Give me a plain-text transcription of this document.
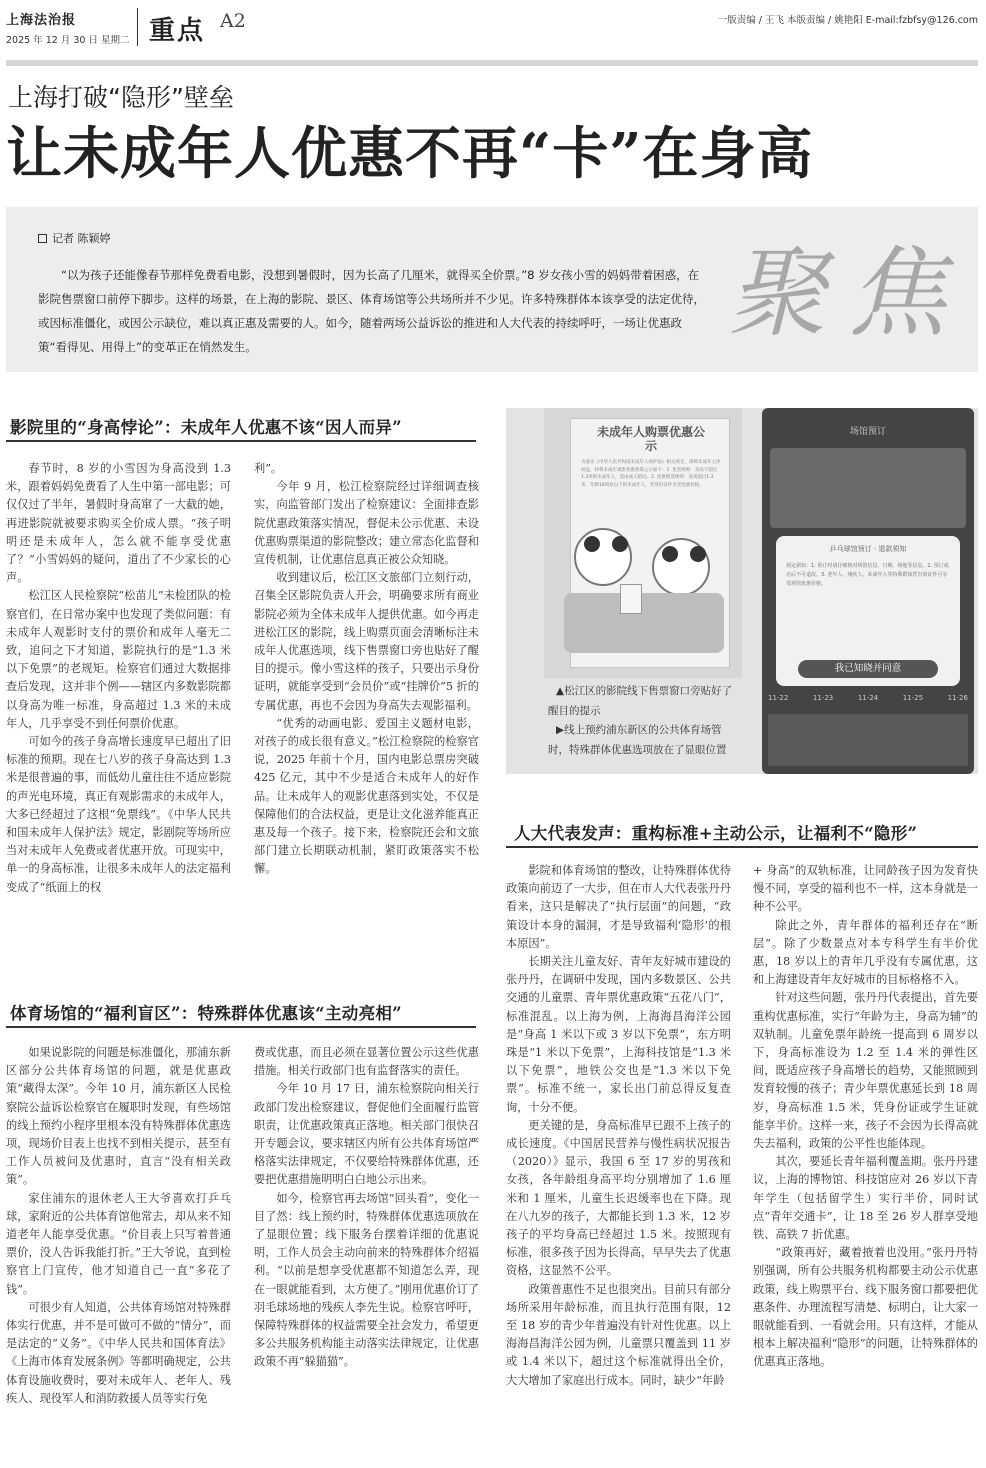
上海法治报
2025 年 12 月 30 日 星期二 重点 A2	一版责编 / 王飞 本版责编 / 姚艳阳 E-mail:fzbfsy@126.com
上海打破“隐形”壁垒
让未成年人优惠不再“卡”在身高
记者 陈颖婷

“以为孩子还能像春节那样免费看电影，没想到暑假时，因为长高了几厘米，就得买全价票。”8 岁女孩小雪的妈妈带着困惑，在影院售票窗口前停下脚步。这样的场景，在上海的影院、景区、体育场馆等公共场所并不少见。许多特殊群体本该享受的法定优待，或因标准僵化，或因公示缺位，难以真正惠及需要的人。如今，随着两场公益诉讼的推进和人大代表的持续呼吁，一场让优惠政策“看得见、用得上”的变革正在悄然发生。	聚焦
影院里的“身高悖论”：未成年人优惠不该“因人而异”

春节时，8 岁的小雪因为身高没到 1.3 米，跟着妈妈免费看了人生中第一部电影；可仅仅过了半年，暑假时身高窜了一大截的她，再进影院就被要求购买全价成人票。“孩子明明还是未成年人，怎么就不能享受优惠了？”小雪妈妈的疑问，道出了不少家长的心声。

松江区人民检察院“松苗儿”未检团队的检察官们，在日常办案中也发现了类似问题：有未成年人观影时支付的票价和成年人毫无二致，追问之下才知道，影院执行的是“1.3 米以下免票”的老规矩。检察官们通过大数据排查后发现，这并非个例——辖区内多数影院都以身高为唯一标准，身高超过 1.3 米的未成年人，几乎享受不到任何票价优惠。

可如今的孩子身高增长速度早已超出了旧标准的预期。现在七八岁的孩子身高达到 1.3 米是很普遍的事，而低幼儿童往往不适应影院的声光电环境，真正有观影需求的未成年人，大多已经超过了这根“免票线”。《中华人民共和国未成年人保护法》规定，影剧院等场所应当对未成年人免费或者优惠开放。可现实中，单一的身高标准，让很多未成年人的法定福利变成了“纸面上的权

利”。

今年 9 月，松江检察院经过详细调查核实，向监管部门发出了检察建议：全面排查影院优惠政策落实情况，督促未公示优惠、未设优惠购票渠道的影院整改；建立常态化监督和宣传机制，让优惠信息真正被公众知晓。

收到建议后，松江区文旅部门立刻行动，召集全区影院负责人开会，明确要求所有商业影院必须为全体未成年人提供优惠。如今再走进松江区的影院，线上购票页面会清晰标注未成年人优惠选项，线下售票窗口旁也贴好了醒目的提示。像小雪这样的孩子，只要出示身份证明，就能享受到“会员价”或“挂牌价”5 折的专属优惠，再也不会因为身高失去观影福利。

“优秀的动画电影、爱国主义题材电影，对孩子的成长很有意义。”松江检察院的检察官说，2025 年前十个月，国内电影总票房突破 425 亿元，其中不少是适合未成年人的好作品。让未成年人的观影优惠落到实处，不仅是保障他们的合法权益，更是让文化滋养能真正惠及每一个孩子。接下来，检察院还会和文旅部门建立长期联动机制，紧盯政策落实不松懈。

未成年人购票优惠公示
为落实《中华人民共和国未成年人保护法》相关规定，保障未成年主体权益，特将未成年观影优惠政策公示如下：1. 免票规则：身高不超过1.3米的未成年人，需由成人陪同。2. 优惠购票规则：身高超过1.3米，年龄18周岁以下的未成年人，凭身份证件享受优惠价格。

▲松江区的影院线下售票窗口旁贴好了醒目的提示

▶线上预约浦东新区的公共体育场管时，特殊群体优惠选项放在了显眼位置

场馆预订
乒乓球馆预订 · 退款须知
预定须知：1. 预订时请仔细核对场馆信息、日期、场地等信息。2. 预订成功后不可退改。3. 老年人、残疾人、未成年人等特殊群体凭有效证件可享受场馆优惠价格。
我已知晓并同意
11-22	11-23	11-24	11-25	11-26
人大代表发声：重构标准+主动公示，让福利不“隐形”

影院和体育场馆的整改，让特殊群体优待政策向前迈了一大步，但在市人大代表张丹丹看来，这只是解决了“执行层面”的问题，“政策设计本身的漏洞，才是导致福利‘隐形’的根本原因”。

长期关注儿童友好、青年友好城市建设的张丹丹，在调研中发现，国内多数景区、公共交通的儿童票、青年票优惠政策“五花八门”，标准混乱。以上海为例，上海海昌海洋公园是“身高 1 米以下或 3 岁以下免票”，东方明珠是“1 米以下免票”，上海科技馆是“1.3 米以下免票”，地铁公交也是“1.3 米以下免票”。标准不统一，家长出门前总得反复查询，十分不便。

更关键的是，身高标准早已跟不上孩子的成长速度。《中国居民营养与慢性病状况报告（2020）》显示，我国 6 至 17 岁的男孩和女孩，各年龄组身高平均分别增加了 1.6 厘米和 1 厘米，儿童生长迟缓率也在下降。现在八九岁的孩子，大都能长到 1.3 米，12 岁孩子的平均身高已经超过 1.5 米。按照现有标准，很多孩子因为长得高，早早失去了优惠资格，这显然不公平。

政策普惠性不足也很突出。目前只有部分场所采用年龄标准，而且执行范围有限，12 至 18 岁的青少年普遍没有针对性优惠。以上海海昌海洋公园为例，儿童票只覆盖到 11 岁或 1.4 米以下，超过这个标准就得出全价，大大增加了家庭出行成本。同时，缺少“年龄

+ 身高”的双轨标准，让同龄孩子因为发育快慢不同，享受的福利也不一样，这本身就是一种不公平。

除此之外，青年群体的福利还存在“断层”。除了少数景点对本专科学生有半价优惠，18 岁以上的青年几乎没有专属优惠，这和上海建设青年友好城市的目标格格不入。

针对这些问题，张丹丹代表提出，首先要重构优惠标准，实行“年龄为主，身高为辅”的双轨制。儿童免票年龄统一提高到 6 周岁以下，身高标准设为 1.2 至 1.4 米的弹性区间，既适应孩子身高增长的趋势，又能照顾到发育较慢的孩子；青少年票优惠延长到 18 周岁，身高标准 1.5 米，凭身份证或学生证就能享半价。这样一来，孩子不会因为长得高就失去福利，政策的公平性也能体现。

其次，要延长青年福利覆盖期。张丹丹建议，上海的博物馆、科技馆应对 26 岁以下青年学生（包括留学生）实行半价，同时试点“青年交通卡”，让 18 至 26 岁人群享受地铁、高铁 7 折优惠。

“政策再好，藏着掖着也没用。”张丹丹特别强调，所有公共服务机构都要主动公示优惠政策，线上购票平台、线下服务窗口都要把优惠条件、办理流程写清楚、标明白，让大家一眼就能看到、一看就会用。只有这样，才能从根本上解决福利“隐形”的问题，让特殊群体的优惠真正落地。

体育场馆的“福利盲区”：特殊群体优惠该“主动亮相”

如果说影院的问题是标准僵化，那浦东新区部分公共体育场馆的问题，就是优惠政策“藏得太深”。今年 10 月，浦东新区人民检察院公益诉讼检察官在履职时发现，有些场馆的线上预约小程序里根本没有特殊群体优惠选项，现场价目表上也找不到相关提示，甚至有工作人员被问及优惠时，直言“没有相关政策”。

家住浦东的退休老人王大爷喜欢打乒乓球，家附近的公共体育馆他常去，却从来不知道老年人能享受优惠。“价目表上只写着普通票价，没人告诉我能打折。”王大爷说，直到检察官上门宣传，他才知道自己一直“多花了钱”。

可很少有人知道，公共体育场馆对特殊群体实行优惠，并不是可做可不做的“情分”，而是法定的“义务”。《中华人民共和国体育法》《上海市体育发展条例》等都明确规定，公共体育设施收费时，要对未成年人、老年人、残疾人、现役军人和消防救援人员等实行免

费或优惠，而且必须在显著位置公示这些优惠措施。相关行政部门也有监督落实的责任。

今年 10 月 17 日，浦东检察院向相关行政部门发出检察建议，督促他们全面履行监管职责，让优惠政策真正落地。相关部门很快召开专题会议，要求辖区内所有公共体育场馆严格落实法律规定，不仅要给特殊群体优惠，还要把优惠措施明明白白地公示出来。

如今，检察官再去场馆“回头看”，变化一目了然：线上预约时，特殊群体优惠选项放在了显眼位置；线下服务台摆着详细的优惠说明，工作人员会主动向前来的特殊群体介绍福利。“以前是想享受优惠都不知道怎么弄，现在一眼就能看到，太方便了。”刚用优惠价订了羽毛球场地的残疾人李先生说。检察官呼吁，保障特殊群体的权益需要全社会发力，希望更多公共服务机构能主动落实法律规定，让优惠政策不再“躲猫猫”。
